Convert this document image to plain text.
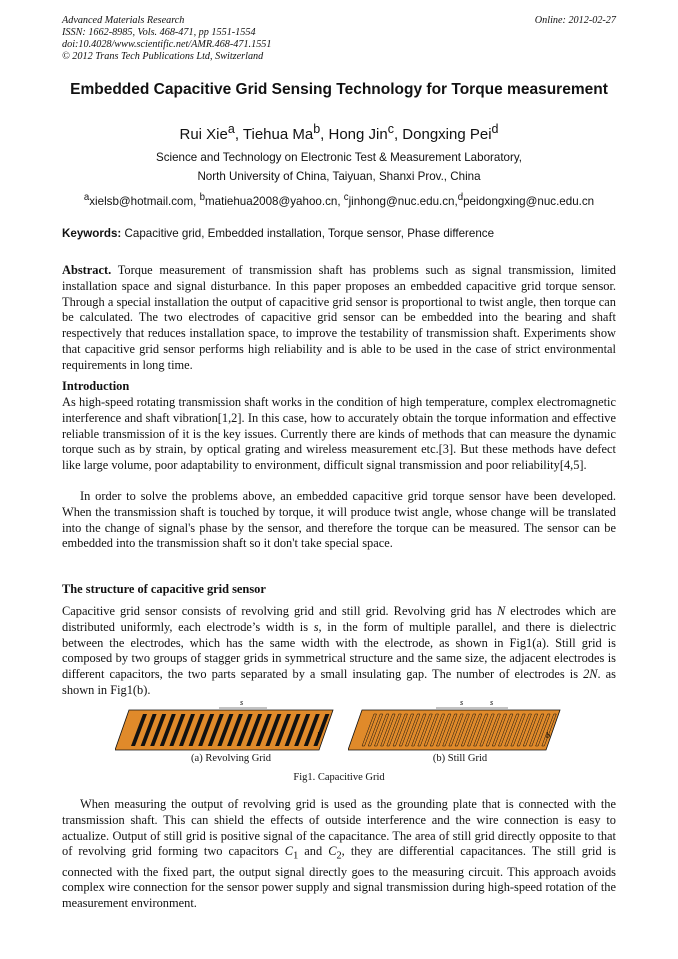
Advanced Materials Research
ISSN: 1662-8985, Vols. 468-471, pp 1551-1554
doi:10.4028/www.scientific.net/AMR.468-471.1551
© 2012 Trans Tech Publications Ltd, Switzerland
Online: 2012-02-27
Embedded Capacitive Grid Sensing Technology for Torque measurement
Rui Xie$^a$, Tiehua Ma$^b$, Hong Jin$^c$, Dongxing Pei$^d$
Science and Technology on Electronic Test & Measurement Laboratory,
North University of China, Taiyuan, Shanxi Prov., China
$^a$xielsb@hotmail.com, $^b$matiehua2008@yahoo.cn, $^c$jinhong@nuc.edu.cn,$^d$peidongxing@nuc.edu.cn
Keywords: Capacitive grid, Embedded installation, Torque sensor, Phase difference
Abstract. Torque measurement of transmission shaft has problems such as signal transmission, limited installation space and signal disturbance. In this paper proposes an embedded capacitive grid torque sensor. Through a special installation the output of capacitive grid sensor is proportional to twist angle, then torque can be calculated. The two electrodes of capacitive grid sensor can be embedded into the bearing and shaft respectively that reduces installation space, to improve the testability of transmission shaft. Experiments show that capacitive grid sensor performs high reliability and is able to be used in the case of strict environmental requirements in long time.
Introduction
As high-speed rotating transmission shaft works in the condition of high temperature, complex electromagnetic interference and shaft vibration[1,2]. In this case, how to accurately obtain the torque information and effective reliable transmission of it is the key issues. Currently there are kinds of methods that can measure the dynamic torque such as by strain, by optical grating and wireless measurement etc.[3]. But these methods have defect like large volume, poor adaptability to environment, difficult signal transmission and poor reliability[4,5].
In order to solve the problems above, an embedded capacitive grid torque sensor have been developed. When the transmission shaft is touched by torque, it will produce twist angle, whose change will be translated into the change of signal's phase by the sensor, and therefore the torque can be measured. The sensor can be embedded into the transmission shaft so it don't take special space.
The structure of capacitive grid sensor
Capacitive grid sensor consists of revolving grid and still grid. Revolving grid has N electrodes which are distributed uniformly, each electrode’s width is s, in the form of multiple parallel, and there is dielectric between the electrodes, which has the same width with the electrode, as shown in Fig1(a). Still grid is composed by two groups of stagger grids in symmetrical structure and the same size, the adjacent electrodes is different capacitors, the two parts separated by a small insulating gap. The number of electrodes is 2N. as shown in Fig1(b).
s
b
s	s
b
(a) Revolving Grid	(b) Still Grid
Fig1. Capacitive Grid
When measuring the output of revolving grid is used as the grounding plate that is connected with the transmission shaft. This can shield the effects of outside interference and the wire connection is easy to actualize. Output of still grid is positive signal of the capacitance. The area of still grid directly opposite to that of revolving grid forming two capacitors $C_1$ and $C_2$, they are differential capacitances. The still grid is connected with the fixed part, the output signal directly goes to the measuring circuit. This approach avoids complex wire connection for the sensor power supply and signal transmission during high-speed rotation of the measurement environment.
